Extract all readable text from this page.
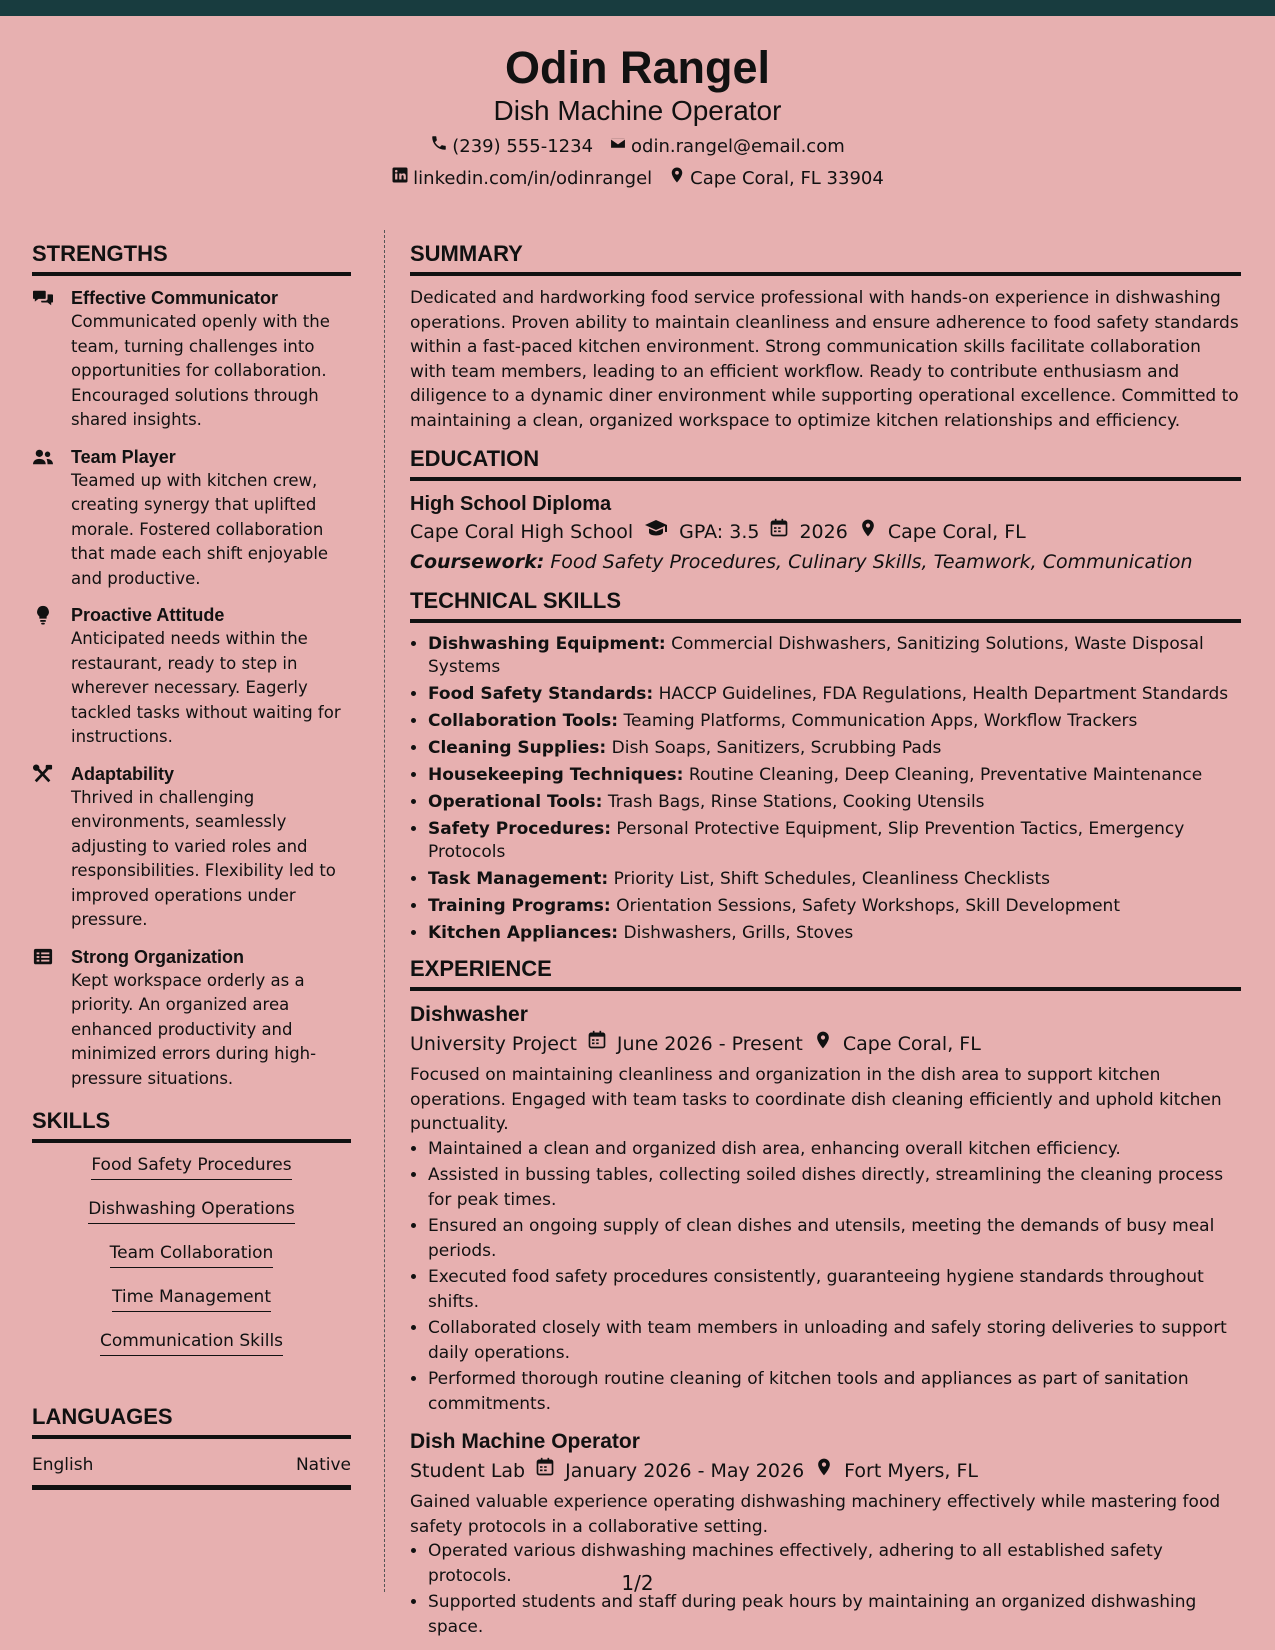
Odin Rangel
Dish Machine Operator
(239) 555-1234 odin.rangel@email.com
linkedin.com/in/odinrangel Cape Coral, FL 33904
STRENGTHS
Effective Communicator
Communicated openly with the team, turning challenges into opportunities for collaboration. Encouraged solutions through shared insights.
Team Player
Teamed up with kitchen crew, creating synergy that uplifted morale. Fostered collaboration that made each shift enjoyable and productive.
Proactive Attitude
Anticipated needs within the restaurant, ready to step in wherever necessary. Eagerly tackled tasks without waiting for instructions.
Adaptability
Thrived in challenging environments, seamlessly adjusting to varied roles and responsibilities. Flexibility led to improved operations under pressure.
Strong Organization
Kept workspace orderly as a priority. An organized area enhanced productivity and minimized errors during high-pressure situations.
SKILLS
Food Safety Procedures
Dishwashing Operations
Team Collaboration
Time Management
Communication Skills
LANGUAGES
English	Native
SUMMARY
Dedicated and hardworking food service professional with hands-on experience in dishwashing operations. Proven ability to maintain cleanliness and ensure adherence to food safety standards within a fast-paced kitchen environment. Strong communication skills facilitate collaboration with team members, leading to an efficient workflow. Ready to contribute enthusiasm and diligence to a dynamic diner environment while supporting operational excellence. Committed to maintaining a clean, organized workspace to optimize kitchen relationships and efficiency.
EDUCATION
High School Diploma
Cape Coral High School GPA: 3.5 2026 Cape Coral, FL
Coursework: Food Safety Procedures, Culinary Skills, Teamwork, Communication
TECHNICAL SKILLS
• Dishwashing Equipment: Commercial Dishwashers, Sanitizing Solutions, Waste Disposal Systems
• Food Safety Standards: HACCP Guidelines, FDA Regulations, Health Department Standards
• Collaboration Tools: Teaming Platforms, Communication Apps, Workflow Trackers
• Cleaning Supplies: Dish Soaps, Sanitizers, Scrubbing Pads
• Housekeeping Techniques: Routine Cleaning, Deep Cleaning, Preventative Maintenance
• Operational Tools: Trash Bags, Rinse Stations, Cooking Utensils
• Safety Procedures: Personal Protective Equipment, Slip Prevention Tactics, Emergency Protocols
• Task Management: Priority List, Shift Schedules, Cleanliness Checklists
• Training Programs: Orientation Sessions, Safety Workshops, Skill Development
• Kitchen Appliances: Dishwashers, Grills, Stoves
EXPERIENCE
Dishwasher
University Project June 2026 - Present Cape Coral, FL
Focused on maintaining cleanliness and organization in the dish area to support kitchen operations. Engaged with team tasks to coordinate dish cleaning efficiently and uphold kitchen punctuality.
• Maintained a clean and organized dish area, enhancing overall kitchen efficiency.
• Assisted in bussing tables, collecting soiled dishes directly, streamlining the cleaning process for peak times.
• Ensured an ongoing supply of clean dishes and utensils, meeting the demands of busy meal periods.
• Executed food safety procedures consistently, guaranteeing hygiene standards throughout shifts.
• Collaborated closely with team members in unloading and safely storing deliveries to support daily operations.
• Performed thorough routine cleaning of kitchen tools and appliances as part of sanitation commitments.
Dish Machine Operator
Student Lab January 2026 - May 2026 Fort Myers, FL
Gained valuable experience operating dishwashing machinery effectively while mastering food safety protocols in a collaborative setting.
• Operated various dishwashing machines effectively, adhering to all established safety protocols.
• Supported students and staff during peak hours by maintaining an organized dishwashing space.
1/2
